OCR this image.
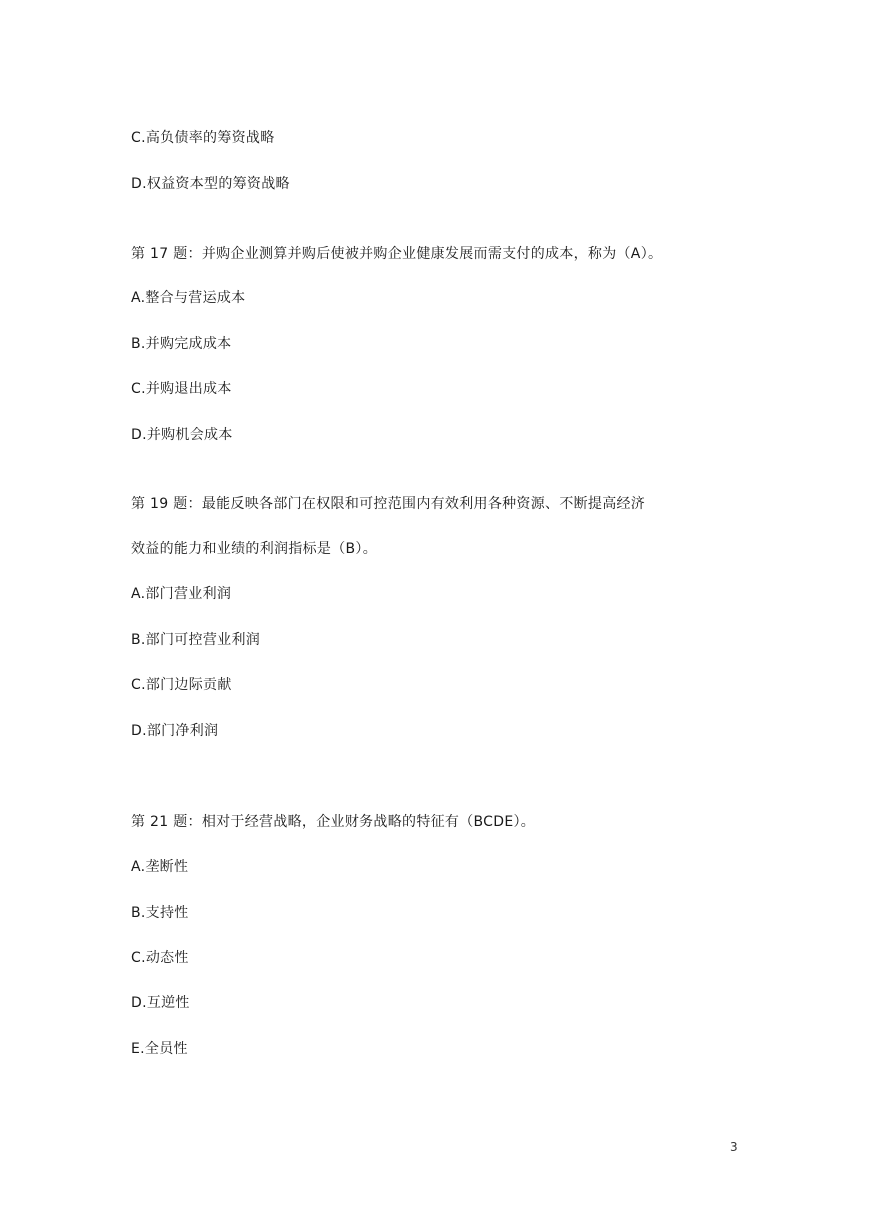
C.高负债率的筹资战略
D.权益资本型的筹资战略
第 17 题：并购企业测算并购后使被并购企业健康发展而需支付的成本，称为（A）。
A.整合与营运成本
B.并购完成成本
C.并购退出成本
D.并购机会成本
第 19 题：最能反映各部门在权限和可控范围内有效利用各种资源、不断提高经济
效益的能力和业绩的利润指标是（B）。
A.部门营业利润
B.部门可控营业利润
C.部门边际贡献
D.部门净利润
第 21 题：相对于经营战略，企业财务战略的特征有（BCDE）。
A.垄断性
B.支持性
C.动态性
D.互逆性
E.全员性
3
